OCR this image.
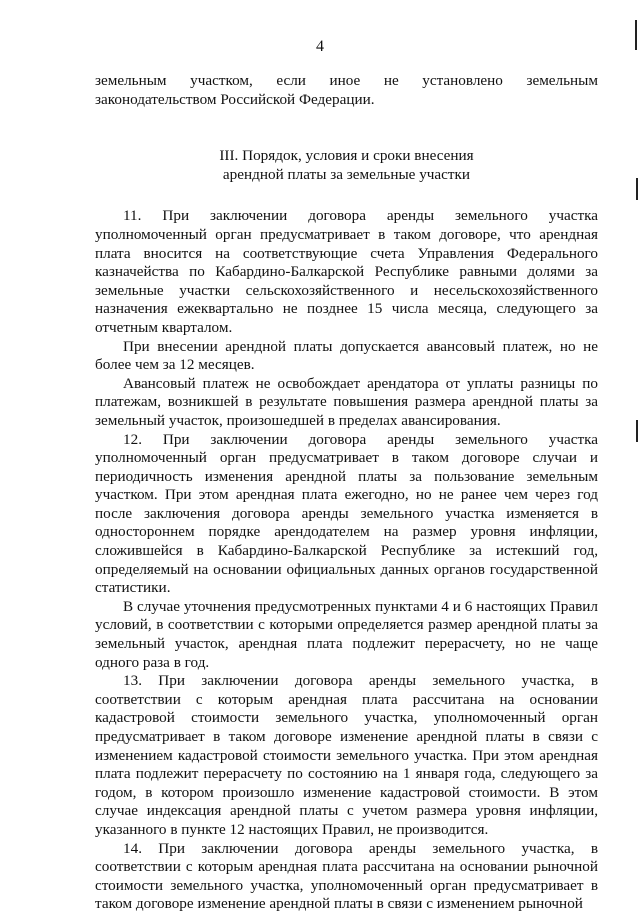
4

земельным участком, если иное не установлено земельным законодательством Российской Федерации.

III. Порядок, условия и сроки внесения
арендной платы за земельные участки

11. При заключении договора аренды земельного участка уполномоченный орган предусматривает в таком договоре, что арендная плата вносится на соответствующие счета Управления Федерального казначейства по Кабардино-Балкарской Республике равными долями за земельные участки сельскохозяйственного и несельскохозяйственного назначения ежеквартально не позднее 15 числа месяца, следующего за отчетным кварталом.

При внесении арендной платы допускается авансовый платеж, но не более чем за 12 месяцев.

Авансовый платеж не освобождает арендатора от уплаты разницы по платежам, возникшей в результате повышения размера арендной платы за земельный участок, произошедшей в пределах авансирования.

12. При заключении договора аренды земельного участка уполномоченный орган предусматривает в таком договоре случаи и периодичность изменения арендной платы за пользование земельным участком. При этом арендная плата ежегодно, но не ранее чем через год после заключения договора аренды земельного участка изменяется в одностороннем порядке арендодателем на размер уровня инфляции, сложившейся в Кабардино-Балкарской Республике за истекший год, определяемый на основании официальных данных органов государственной статистики.

В случае уточнения предусмотренных пунктами 4 и 6 настоящих Правил условий, в соответствии с которыми определяется размер арендной платы за земельный участок, арендная плата подлежит перерасчету, но не чаще одного раза в год.

13. При заключении договора аренды земельного участка, в соответствии с которым арендная плата рассчитана на основании кадастровой стоимости земельного участка, уполномоченный орган предусматривает в таком договоре изменение арендной платы в связи с изменением кадастровой стоимости земельного участка. При этом арендная плата подлежит перерасчету по состоянию на 1 января года, следующего за годом, в котором произошло изменение кадастровой стоимости. В этом случае индексация арендной платы с учетом размера уровня инфляции, указанного в пункте 12 настоящих Правил, не производится.

14. При заключении договора аренды земельного участка, в соответствии с которым арендная плата рассчитана на основании рыночной стоимости земельного участка, уполномоченный орган предусматривает в таком договоре изменение арендной платы в связи с изменением рыночной
